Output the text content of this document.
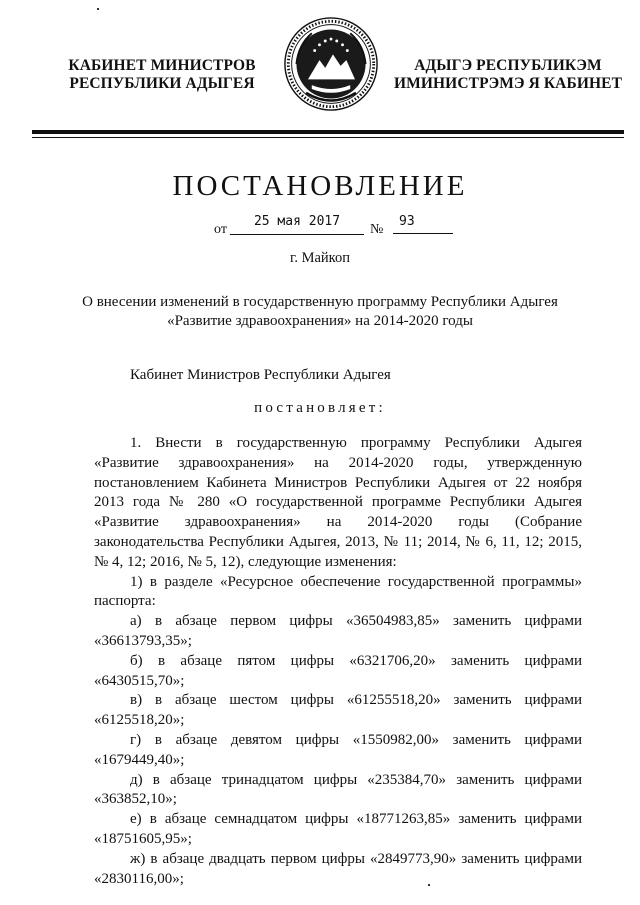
КАБИНЕТ МИНИСТРОВ
РЕСПУБЛИКИ АДЫГЕЯ
АДЫГЭ РЕСПУБЛИКЭМ
ИМИНИСТРЭМЭ Я КАБИНЕТ
ПОСТАНОВЛЕНИЕ
от
25 мая 2017
№
93
г. Майкоп
О внесении изменений в государственную программу Республики Адыгея
«Развитие здравоохранения» на 2014-2020 годы
Кабинет Министров Республики Адыгея
постановляет:

1. Внести в государственную программу Республики Адыгея «Развитие здравоохранения» на 2014-2020 годы, утвержденную постановлением Кабинета Министров Республики Адыгея от 22 ноября 2013 года № 280 «О государственной программе Республики Адыгея «Развитие здравоохранения» на 2014-2020 годы (Собрание законодательства Республики Адыгея, 2013, № 11; 2014, № 6, 11, 12; 2015, № 4, 12; 2016, № 5, 12), следующие изменения:

1) в разделе «Ресурсное обеспечение государственной программы» паспорта:

а) в абзаце первом цифры «36504983,85» заменить цифрами «36613793,35»;

б) в абзаце пятом цифры «6321706,20» заменить цифрами «6430515,70»;

в) в абзаце шестом цифры «61255518,20» заменить цифрами «6125518,20»;

г) в абзаце девятом цифры «1550982,00» заменить цифрами «1679449,40»;

д) в абзаце тринадцатом цифры «235384,70» заменить цифрами «363852,10»;

е) в абзаце семнадцатом цифры «18771263,85» заменить цифрами «18751605,95»;

ж) в абзаце двадцать первом цифры «2849773,90» заменить цифрами «2830116,00»;
